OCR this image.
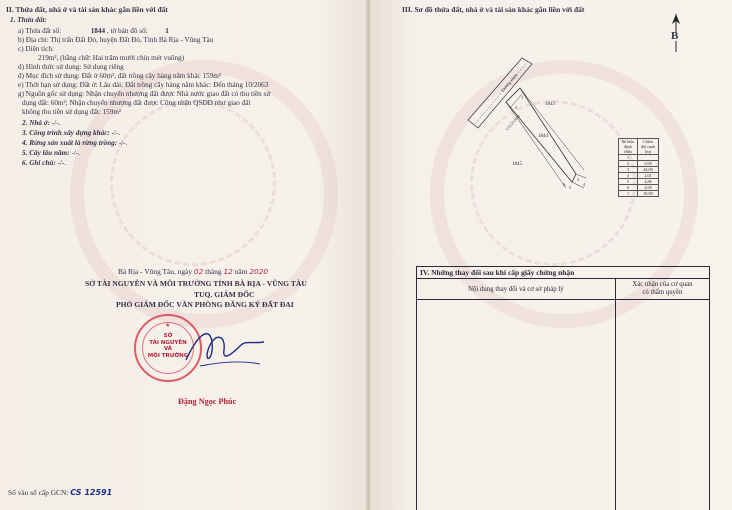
II. Thửa đất, nhà ở và tài sản khác gắn liền với đất
1. Thửa đất:
a) Thửa đất số:	1844 , tờ bản đồ số: 1
b) Địa chỉ: Thị trấn Đất Đỏ, huyện Đất Đỏ, Tỉnh Bà Rịa - Vũng Tàu
c) Diện tích:
219m², (bằng chữ: Hai trăm mười chín mét vuông)
d) Hình thức sử dụng: Sử dụng riêng
đ) Mục đích sử dụng: Đất ở 60m², đất trồng cây hàng năm khác 159m²
e) Thời hạn sử dụng: Đất ở: Lâu dài; Đất trồng cây hàng năm khác: Đến tháng 10/2063
g) Nguồn gốc sử dụng: Nhận chuyển nhượng đất được Nhà nước giao đất có thu tiền sử
dụng đất: 60m²; Nhận chuyển nhượng đất được Công nhận QSDĐ như giao đất
không thu tiền sử dụng đất: 159m²
2. Nhà ở: -/-.
3. Công trình xây dựng khác: -/-.
4. Rừng sản xuất là rừng trồng: -/-.
5. Cây lâu năm: -/-.
6. Ghi chú: -/-.
Bà Rịa - Vũng Tàu, ngày 02 tháng 12 năm 2020
SỞ TÀI NGUYÊN VÀ MÔI TRƯỜNG TỈNH BÀ RỊA - VŨNG TÀU
TUQ. GIÁM ĐỐC
PHÓ GIÁM ĐỐC VĂN PHÒNG ĐĂNG KÝ ĐẤT ĐAI
SỞ
TÀI NGUYÊN
VÀ
MÔI TRƯỜNG
★
Đặng Ngọc Phúc
Số vào sổ cấp GCN: CS 12591
III. Sơ đồ thửa đất, nhà ở và tài sản khác gắn liền với đất
B
Đường nhựa
LG(10,6m)
1844
1843
1845
1
2
3
4
5
6
Số hiệu đỉnh thửa	Chiều dài cạnh (m)
1	
2	5,00
3	44,90
4	2,01
5	4,86
6	2,00
1	39,90
IV. Những thay đổi sau khi cấp giấy chứng nhận	
Nội dung thay đổi và cơ sở pháp lý	Xác nhận của cơ quan
có thẩm quyền
